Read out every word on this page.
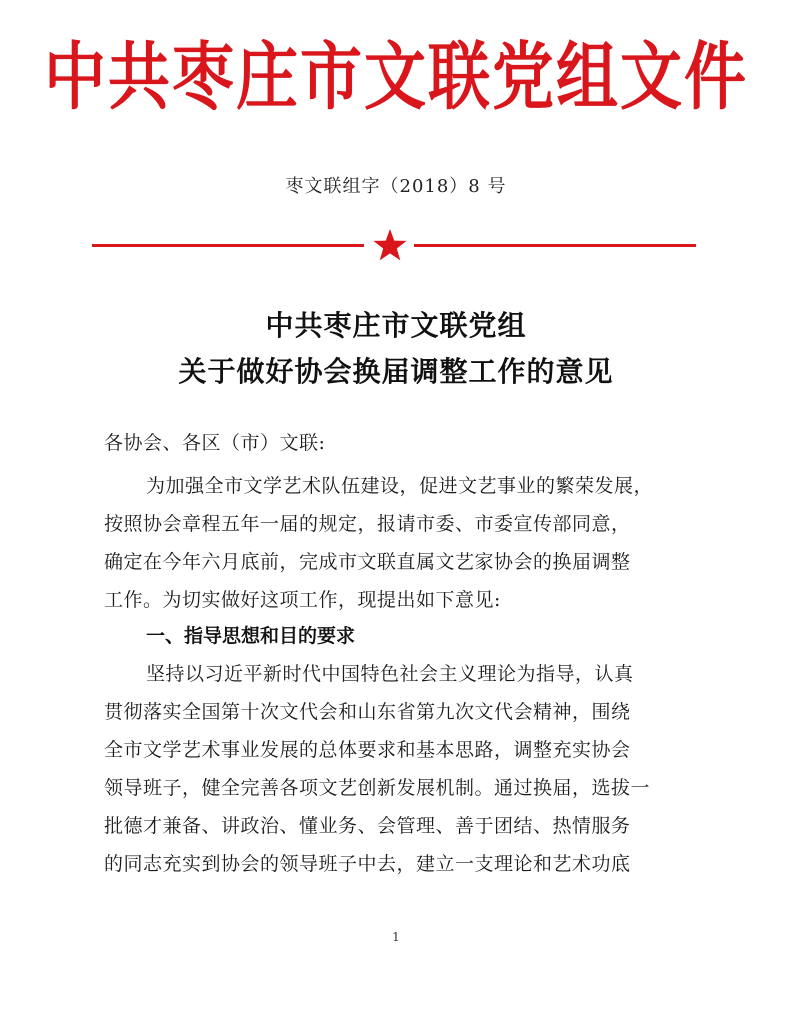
中共枣庄市文联党组文件
枣文联组字（2018）8 号
中共枣庄市文联党组
关于做好协会换届调整工作的意见
各协会、各区（市）文联:
为加强全市文学艺术队伍建设，促进文艺事业的繁荣发展，
按照协会章程五年一届的规定，报请市委、市委宣传部同意，
确定在今年六月底前，完成市文联直属文艺家协会的换届调整
工作。为切实做好这项工作，现提出如下意见:
一、指导思想和目的要求
坚持以习近平新时代中国特色社会主义理论为指导，认真
贯彻落实全国第十次文代会和山东省第九次文代会精神，围绕
全市文学艺术事业发展的总体要求和基本思路，调整充实协会
领导班子，健全完善各项文艺创新发展机制。通过换届，选拔一
批德才兼备、讲政治、懂业务、会管理、善于团结、热情服务
的同志充实到协会的领导班子中去，建立一支理论和艺术功底
1
